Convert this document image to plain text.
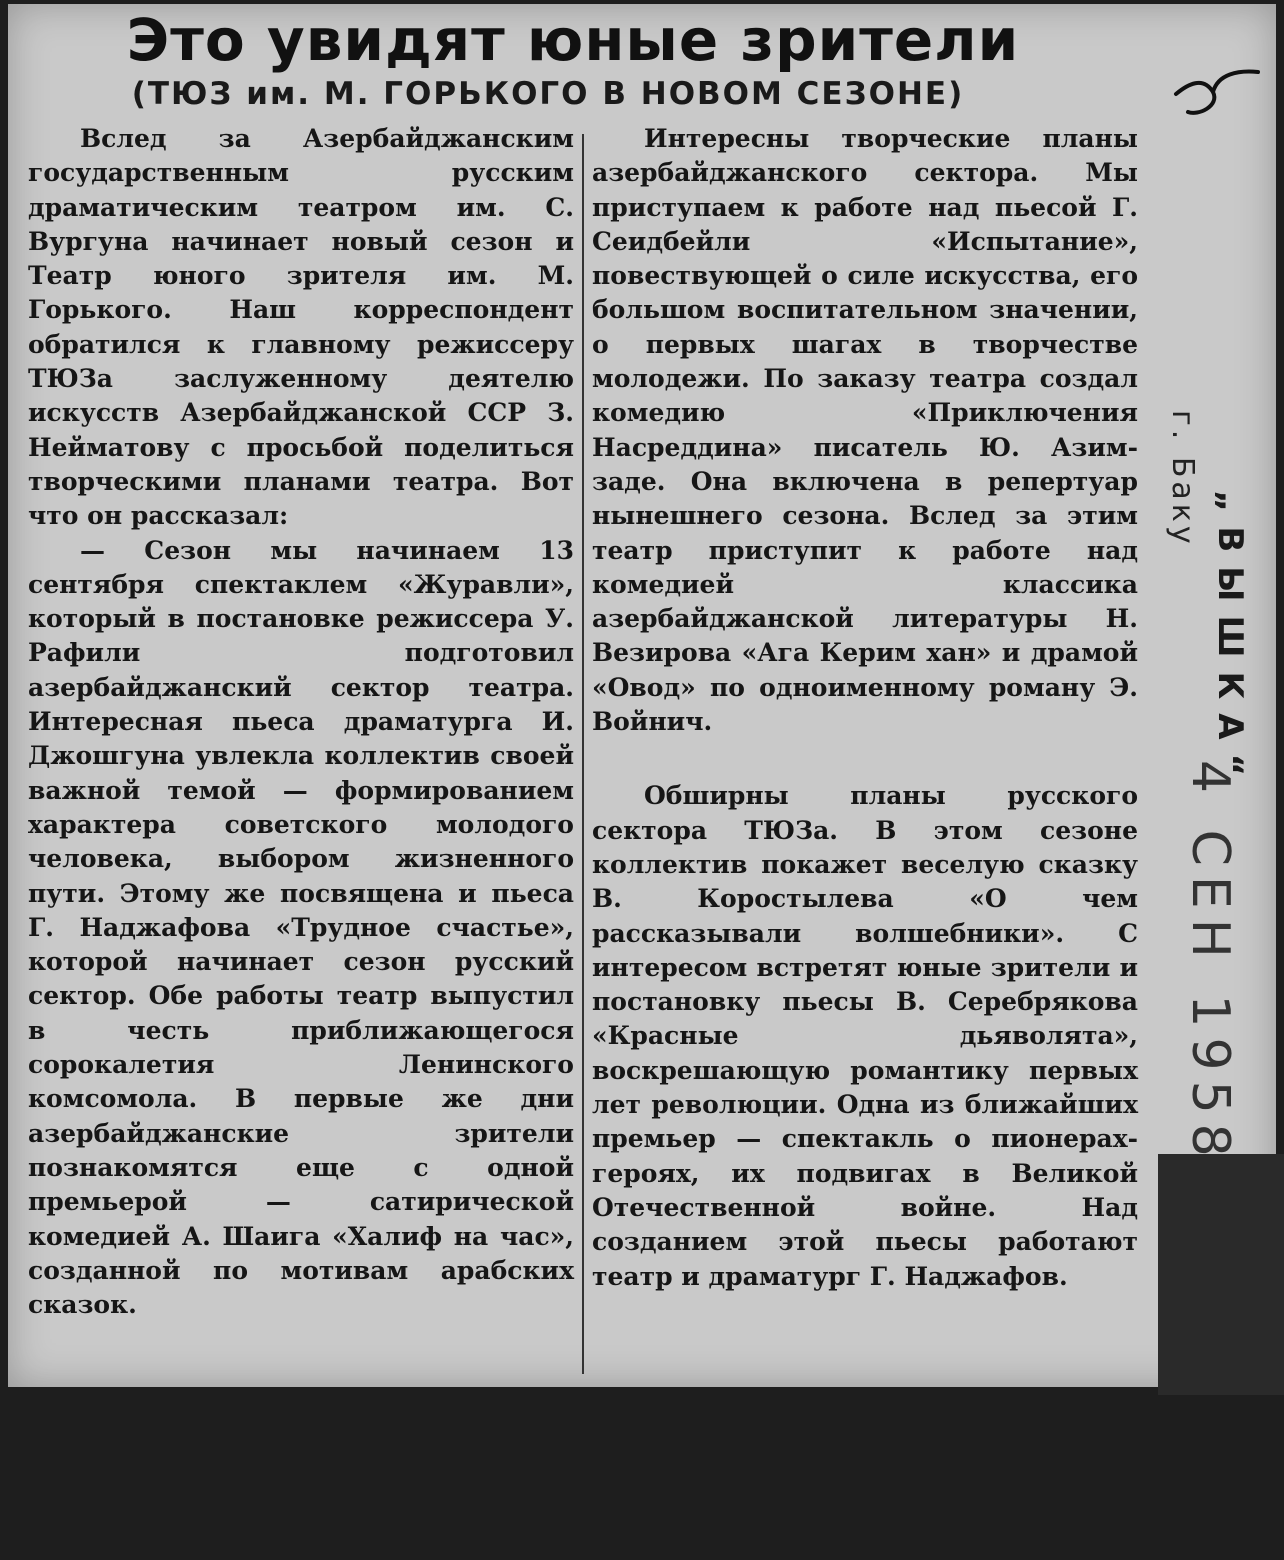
Это увидят юные зрители
(ТЮЗ им. М. ГОРЬКОГО В НОВОМ СЕЗОНЕ)

Вслед за Азербайджанским государственным русским драматическим театром им. С. Вургуна начинает новый сезон и Театр юного зрителя им. М. Горького. Наш корреспондент обратился к главному режиссеру ТЮЗа заслуженному деятелю искусств Азербайджанской ССР З. Нейматову с просьбой поделиться творческими планами театра. Вот что он рассказал:

— Сезон мы начинаем 13 сентября спектаклем «Журавли», который в постановке режиссера У. Рафили подготовил азербайджанский сектор театра. Интересная пьеса драматурга И. Джошгуна увлекла коллектив своей важной темой — формированием характера советского молодого человека, выбором жизненного пути. Этому же посвящена и пьеса Г. Наджафова «Трудное счастье», которой начинает сезон русский сектор. Обе работы театр выпустил в честь приближающегося сорокалетия Ленинского комсомола. В первые же дни азербайджанские зрители познакомятся еще с одной премьерой — сатирической комедией А. Шаига «Халиф на час», созданной по мотивам арабских сказок.

Интересны творческие планы азербайджанского сектора. Мы приступаем к работе над пьесой Г. Сеидбейли «Испытание», повествующей о силе искусства, его большом воспитательном значении, о первых шагах в творчестве молодежи. По заказу театра создал комедию «Приключения Насреддина» писатель Ю. Азим-заде. Она включена в репертуар нынешнего сезона. Вслед за этим театр приступит к работе над комедией классика азербайджанской литературы Н. Везирова «Ага Керим хан» и драмой «Овод» по одноименному роману Э. Войнич.

Обширны планы русского сектора ТЮЗа. В этом сезоне коллектив покажет веселую сказку В. Коростылева «О чем рассказывали волшебники». С интересом встретят юные зрители и постановку пьесы В. Серебрякова «Красные дьяволята», воскрешающую романтику первых лет революции. Одна из ближайших премьер — спектакль о пионерах-героях, их подвигах в Великой Отечественной войне. Над созданием этой пьесы работают театр и драматург Г. Наджафов.

г. Баку
„ВЫШКА“
4 СЕН 1958
